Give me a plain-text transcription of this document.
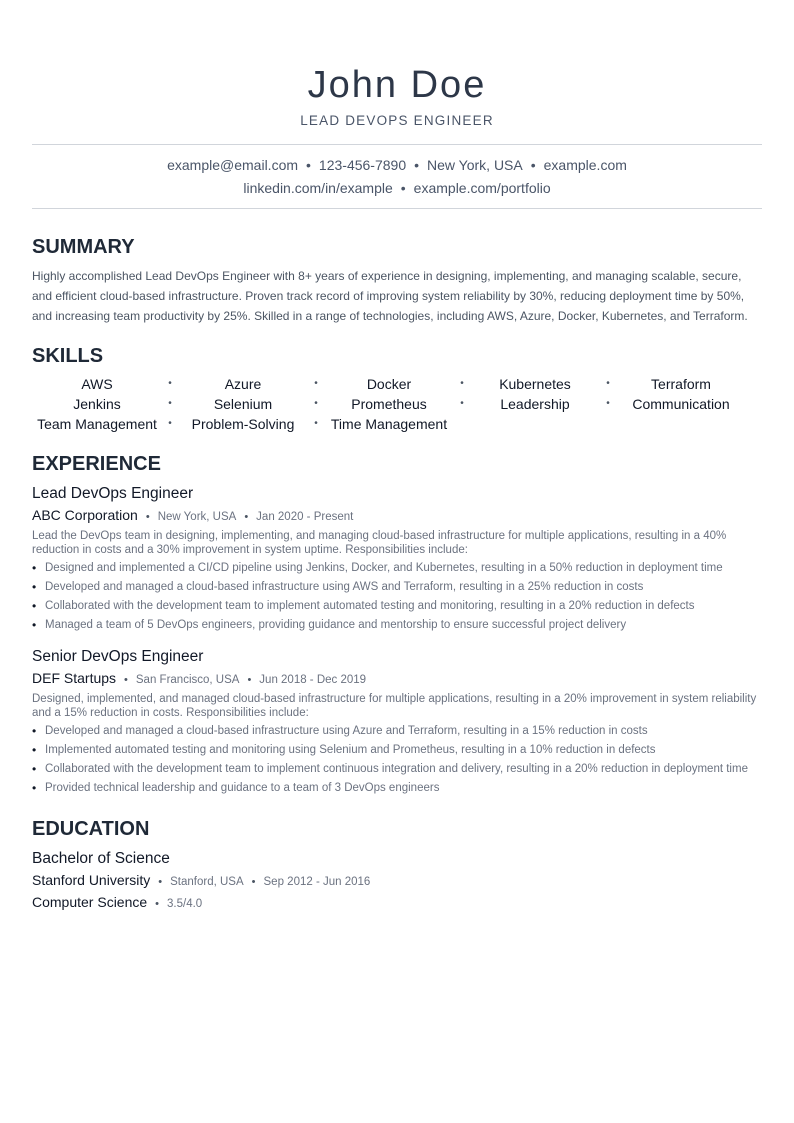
John Doe
LEAD DEVOPS ENGINEER
example@email.com • 123-456-7890 • New York, USA • example.com
linkedin.com/in/example • example.com/portfolio
SUMMARY
Highly accomplished Lead DevOps Engineer with 8+ years of experience in designing, implementing, and managing scalable, secure, and efficient cloud-based infrastructure. Proven track record of improving system reliability by 30%, reducing deployment time by 50%, and increasing team productivity by 25%. Skilled in a range of technologies, including AWS, Azure, Docker, Kubernetes, and Terraform.
SKILLS
AWS	•	Azure	•	Docker	•	Kubernetes	•	Terraform
Jenkins	•	Selenium	•	Prometheus	•	Leadership	•	Communication
Team Management	•	Problem-Solving	• Time Management
EXPERIENCE
Lead DevOps Engineer
ABC Corporation • New York, USA • Jan 2020 - Present
Lead the DevOps team in designing, implementing, and managing cloud-based infrastructure for multiple applications, resulting in a 40% reduction in costs and a 30% improvement in system uptime. Responsibilities include:
• Designed and implemented a CI/CD pipeline using Jenkins, Docker, and Kubernetes, resulting in a 50% reduction in deployment time
• Developed and managed a cloud-based infrastructure using AWS and Terraform, resulting in a 25% reduction in costs
• Collaborated with the development team to implement automated testing and monitoring, resulting in a 20% reduction in defects
• Managed a team of 5 DevOps engineers, providing guidance and mentorship to ensure successful project delivery
Senior DevOps Engineer
DEF Startups • San Francisco, USA • Jun 2018 - Dec 2019
Designed, implemented, and managed cloud-based infrastructure for multiple applications, resulting in a 20% improvement in system reliability and a 15% reduction in costs. Responsibilities include:
• Developed and managed a cloud-based infrastructure using Azure and Terraform, resulting in a 15% reduction in costs
• Implemented automated testing and monitoring using Selenium and Prometheus, resulting in a 10% reduction in defects
• Collaborated with the development team to implement continuous integration and delivery, resulting in a 20% reduction in deployment time
• Provided technical leadership and guidance to a team of 3 DevOps engineers
EDUCATION
Bachelor of Science
Stanford University • Stanford, USA • Sep 2012 - Jun 2016
Computer Science • 3.5/4.0
